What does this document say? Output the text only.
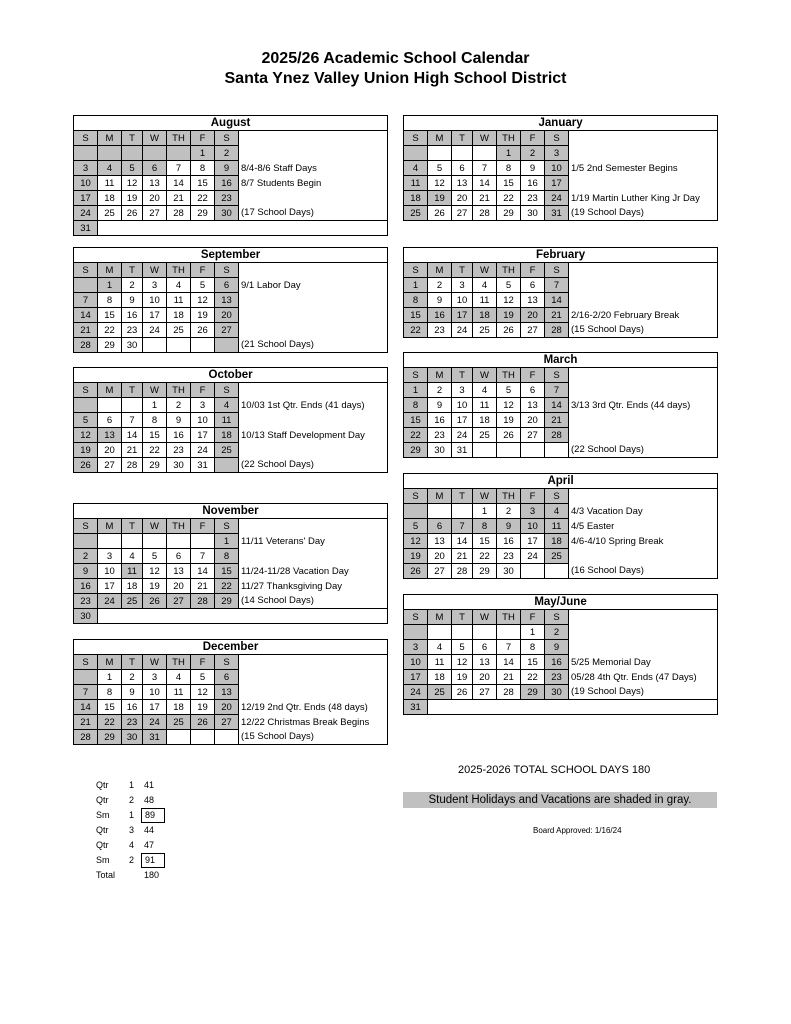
2025/26 Academic School Calendar
Santa Ynez Valley Union High School District
August							
S	M	T	W	TH	F	S	
					1	2	
3	4	5	6	7	8	9	8/4-8/6 Staff Days
10	11	12	13	14	15	16	8/7 Students Begin
17	18	19	20	21	22	23	
24	25	26	27	28	29	30	(17 School Days)
31							
September							
S	M	T	W	TH	F	S	
	1	2	3	4	5	6	9/1 Labor Day
7	8	9	10	11	12	13	
14	15	16	17	18	19	20	
21	22	23	24	25	26	27	
28	29	30					(21 School Days)
October							
S	M	T	W	TH	F	S	
			1	2	3	4	10/03 1st Qtr. Ends (41 days)
5	6	7	8	9	10	11	
12	13	14	15	16	17	18	10/13 Staff Development Day
19	20	21	22	23	24	25	
26	27	28	29	30	31		(22 School Days)
November							
S	M	T	W	TH	F	S	
						1	11/11 Veterans' Day
2	3	4	5	6	7	8	
9	10	11	12	13	14	15	11/24-11/28 Vacation Day
16	17	18	19	20	21	22	11/27 Thanksgiving Day
23	24	25	26	27	28	29	(14 School Days)
30							
December							
S	M	T	W	TH	F	S	
	1	2	3	4	5	6	
7	8	9	10	11	12	13	
14	15	16	17	18	19	20	12/19 2nd Qtr. Ends (48 days)
21	22	23	24	25	26	27	12/22 Christmas Break Begins
28	29	30	31				(15 School Days)
January							
S	M	T	W	TH	F	S	
				1	2	3	
4	5	6	7	8	9	10	1/5 2nd Semester Begins
11	12	13	14	15	16	17	
18	19	20	21	22	23	24	1/19 Martin Luther King Jr Day
25	26	27	28	29	30	31	(19 School Days)
February							
S	M	T	W	TH	F	S	
1	2	3	4	5	6	7	
8	9	10	11	12	13	14	
15	16	17	18	19	20	21	2/16-2/20 February Break
22	23	24	25	26	27	28	(15 School Days)
March							
S	M	T	W	TH	F	S	
1	2	3	4	5	6	7	
8	9	10	11	12	13	14	3/13 3rd Qtr. Ends (44 days)
15	16	17	18	19	20	21	
22	23	24	25	26	27	28	
29	30	31					(22 School Days)
April							
S	M	T	W	TH	F	S	
			1	2	3	4	4/3 Vacation Day
5	6	7	8	9	10	11	4/5 Easter
12	13	14	15	16	17	18	4/6-4/10 Spring Break
19	20	21	22	23	24	25	
26	27	28	29	30			(16 School Days)
May/June							
S	M	T	W	TH	F	S	
					1	2	
3	4	5	6	7	8	9	
10	11	12	13	14	15	16	5/25 Memorial Day
17	18	19	20	21	22	23	05/28 4th Qtr. Ends (47 Days)
24	25	26	27	28	29	30	(19 School Days)
31							
2025-2026 TOTAL SCHOOL DAYS 180
Student Holidays and Vacations are shaded in gray.
Board Approved: 1/16/24
Qtr	1 41
Qtr	2 48
Sm	1 89
Qtr	3 44
Qtr	4 47
Sm	2 91
Total	180
